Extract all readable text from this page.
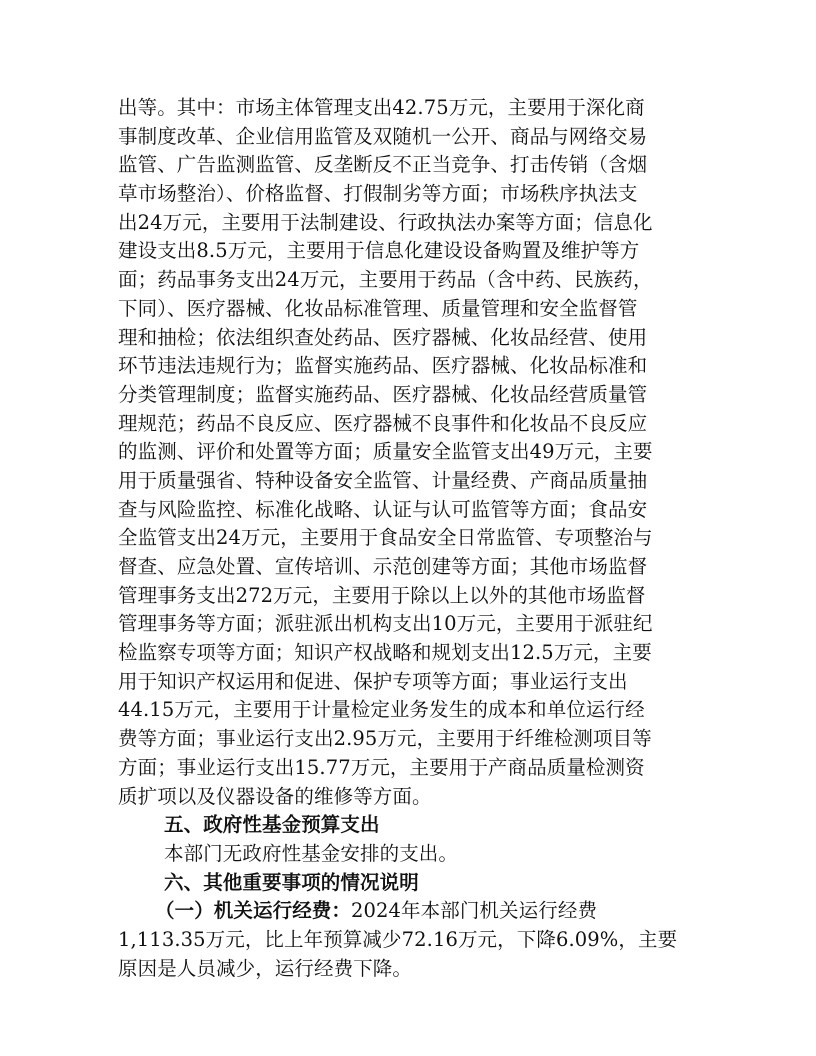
出等。其中：市场主体管理支出42.75万元，主要用于深化商
事制度改革、企业信用监管及双随机一公开、商品与网络交易
监管、广告监测监管、反垄断反不正当竞争、打击传销（含烟
草市场整治）、价格监督、打假制劣等方面；市场秩序执法支
出24万元，主要用于法制建设、行政执法办案等方面；信息化
建设支出8.5万元，主要用于信息化建设设备购置及维护等方
面；药品事务支出24万元，主要用于药品（含中药、民族药，
下同）、医疗器械、化妆品标准管理、质量管理和安全监督管
理和抽检；依法组织查处药品、医疗器械、化妆品经营、使用
环节违法违规行为；监督实施药品、医疗器械、化妆品标准和
分类管理制度；监督实施药品、医疗器械、化妆品经营质量管
理规范；药品不良反应、医疗器械不良事件和化妆品不良反应
的监测、评价和处置等方面；质量安全监管支出49万元，主要
用于质量强省、特种设备安全监管、计量经费、产商品质量抽
查与风险监控、标准化战略、认证与认可监管等方面；食品安
全监管支出24万元，主要用于食品安全日常监管、专项整治与
督查、应急处置、宣传培训、示范创建等方面；其他市场监督
管理事务支出272万元，主要用于除以上以外的其他市场监督
管理事务等方面；派驻派出机构支出10万元，主要用于派驻纪
检监察专项等方面；知识产权战略和规划支出12.5万元，主要
用于知识产权运用和促进、保护专项等方面；事业运行支出
44.15万元，主要用于计量检定业务发生的成本和单位运行经
费等方面；事业运行支出2.95万元，主要用于纤维检测项目等
方面；事业运行支出15.77万元，主要用于产商品质量检测资
质扩项以及仪器设备的维修等方面。
五、政府性基金预算支出
本部门无政府性基金安排的支出。
六、其他重要事项的情况说明
（一）机关运行经费：2024年本部门机关运行经费
1,113.35万元，比上年预算减少72.16万元，下降6.09%，主要
原因是人员减少，运行经费下降。
